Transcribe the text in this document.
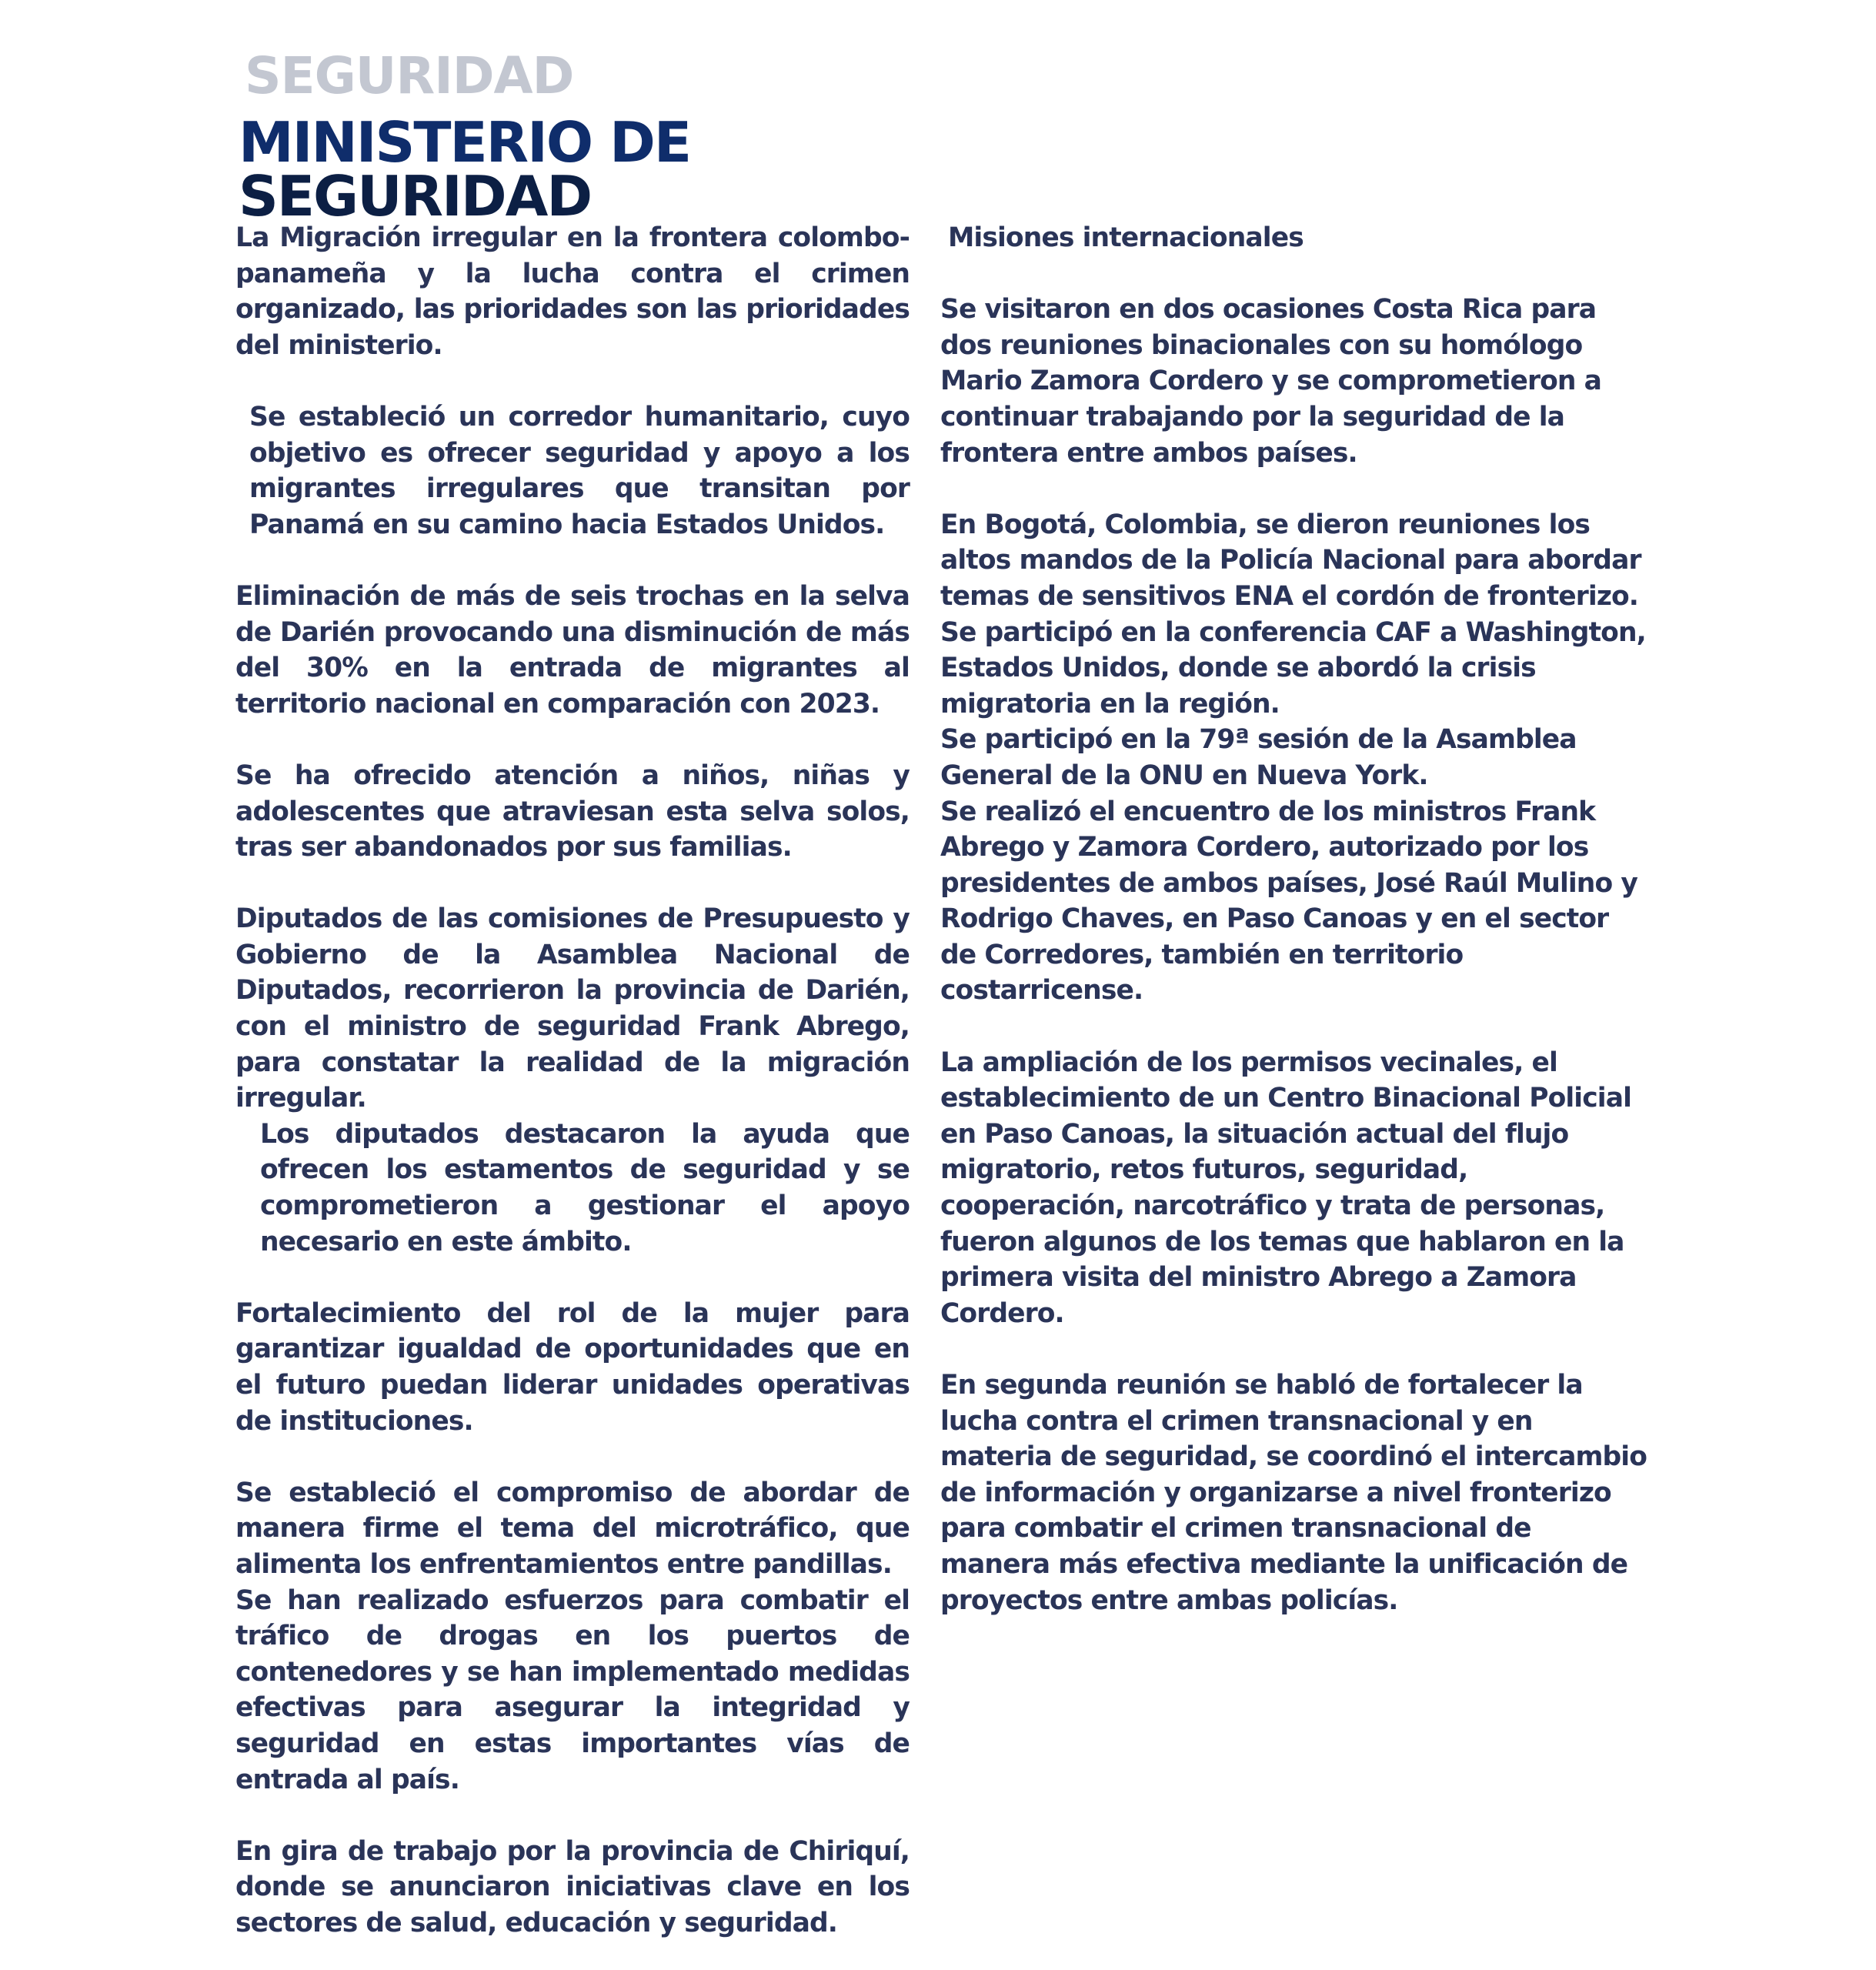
SEGURIDAD
MINISTERIO DE
SEGURIDAD

La Migración irregular en la frontera colombo-panameña y la lucha contra el crimen organizado, las prioridades son las prioridades del ministerio.

Se estableció un corredor humanitario, cuyo objetivo es ofrecer seguridad y apoyo a los migrantes irregulares que transitan por Panamá en su camino hacia Estados Unidos.

Eliminación de más de seis trochas en la selva de Darién provocando una disminución de más del 30% en la entrada de migrantes al territorio nacional en comparación con 2023.

Se ha ofrecido atención a niños, niñas y adolescentes que atraviesan esta selva solos, tras ser abandonados por sus familias.

Diputados de las comisiones de Presupuesto y Gobierno de la Asamblea Nacional de Diputados, recorrieron la provincia de Darién, con el ministro de seguridad Frank Abrego, para constatar la realidad de la migración irregular.

Los diputados destacaron la ayuda que ofrecen los estamentos de seguridad y se comprometieron a gestionar el apoyo necesario en este ámbito.

Fortalecimiento del rol de la mujer para garantizar igualdad de oportunidades que en el futuro puedan liderar unidades operativas de instituciones.

Se estableció el compromiso de abordar de manera firme el tema del microtráfico, que alimenta los enfrentamientos entre pandillas.

Se han realizado esfuerzos para combatir el tráfico de drogas en los puertos de contenedores y se han implementado medidas efectivas para asegurar la integridad y seguridad en estas importantes vías de entrada al país.

En gira de trabajo por la provincia de Chiriquí, donde se anunciaron iniciativas clave en los sectores de salud, educación y seguridad.

Misiones internacionales

Se visitaron en dos ocasiones Costa Rica para dos reuniones binacionales con su homólogo Mario Zamora Cordero y se comprometieron a continuar trabajando por la seguridad de la frontera entre ambos países.

En Bogotá, Colombia, se dieron reuniones los altos mandos de la Policía Nacional para abordar temas de sensitivos ENA el cordón de fronterizo. Se participó en la conferencia CAF a Washington, Estados Unidos, donde se abordó la crisis migratoria en la región.

Se participó en la 79ª sesión de la Asamblea General de la ONU en Nueva York.

Se realizó el encuentro de los ministros Frank Abrego y Zamora Cordero, autorizado por los presidentes de ambos países, José Raúl Mulino y Rodrigo Chaves, en Paso Canoas y en el sector de Corredores, también en territorio costarricense.

La ampliación de los permisos vecinales, el establecimiento de un Centro Binacional Policial en Paso Canoas, la situación actual del flujo migratorio, retos futuros, seguridad, cooperación, narcotráfico y trata de personas, fueron algunos de los temas que hablaron en la primera visita del ministro Abrego a Zamora Cordero.

En segunda reunión se habló de fortalecer la lucha contra el crimen transnacional y en materia de seguridad, se coordinó el intercambio de información y organizarse a nivel fronterizo para combatir el crimen transnacional de manera más efectiva mediante la unificación de proyectos entre ambas policías.
